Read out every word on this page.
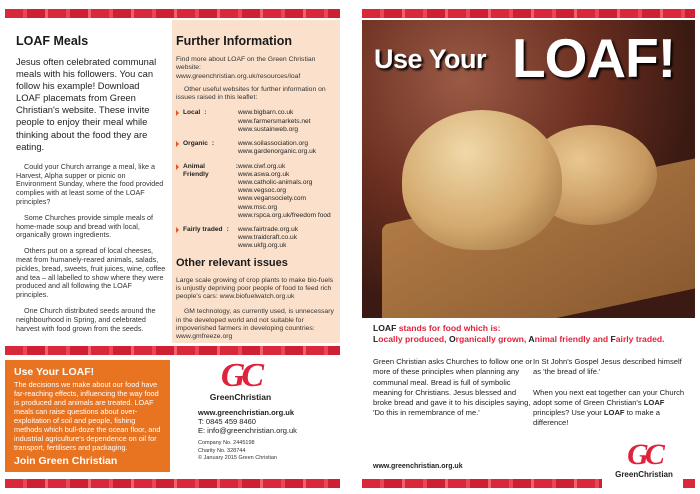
LOAF Meals
Jesus often celebrated communal meals with his followers. You can follow his example! Download LOAF placemats from Green Christian's website. These invite people to enjoy their meal while thinking about the food they are eating.

Could your Church arrange a meal, like a Harvest, Alpha supper or picnic on Environment Sunday, where the food provided complies with at least some of the LOAF principles?

Some Churches provide simple meals of home-made soup and bread with local, organically grown ingredients.

Others put on a spread of local cheeses, meat from humanely-reared animals, salads, pickles, bread, sweets, fruit juices, wine, coffee and tea – all labelled to show where they were produced and all following the LOAF principles.

One Church distributed seeds around the neighbourhood in Spring, and celebrated harvest with food grown from the seeds.

Further Information
Find more about LOAF on the Green Christian website:
www.greenchristian.org.uk/resources/loaf

Other useful websites for further information on issues raised in this leaflet:

Local :	www.bigbarn.co.uk
www.farmersmarkets.net
www.sustainweb.org
Organic :	www.soilassociation.org
www.gardenorganic.org.uk
Animal Friendly
: www.ciwf.org.uk
www.aswa.org.uk
www.catholic-animals.org
www.vegsoc.org
www.vegansociety.com
www.msc.org
www.rspca.org.uk/freedom food
Fairly traded :	www.fairtrade.org.uk
www.traidcraft.co.uk
www.ukfg.org.uk
Other relevant issues

Large scale growing of crop plants to make bio-fuels is unjustly depriving poor people of food to feed rich people's cars: www.biofuelwatch.org.uk

GM technology, as currently used, is unnecessary in the developed world and not suitable for impoverished farmers in developing countries: www.gmfreeze.org

Use Your LOAF!
The decisions we make about our food have far-reaching effects, influencing the way food is produced and animals are treated. LOAF meals can raise questions about over-exploitation of soil and people, fishing methods which bull-doze the ocean floor, and industrial agriculture's dependence on oil for transport, fertilisers and packaging.
Join Green Christian
GC
GreenChristian
www.greenchristian.org.uk
T: 0845 459 8460
E: info@greenchristian.org.uk
Company No. 2445198
Charity No. 328744
© January 2015 Green Christian
Use Your LOAF!
LOAF stands for food which is:
Locally produced, Organically grown, Animal friendly and Fairly traded.
Green Christian asks Churches to follow one or more of these principles when planning any communal meal. Bread is full of symbolic meaning for Christians. Jesus blessed and broke bread and gave it to his disciples saying, 'Do this in remembrance of me.'
In St John's Gospel Jesus described himself as 'the bread of life.'
When you next eat together can your Church adopt some of Green Christian's LOAF principles? Use your LOAF to make a difference!
www.greenchristian.org.uk	GC
GreenChristian
